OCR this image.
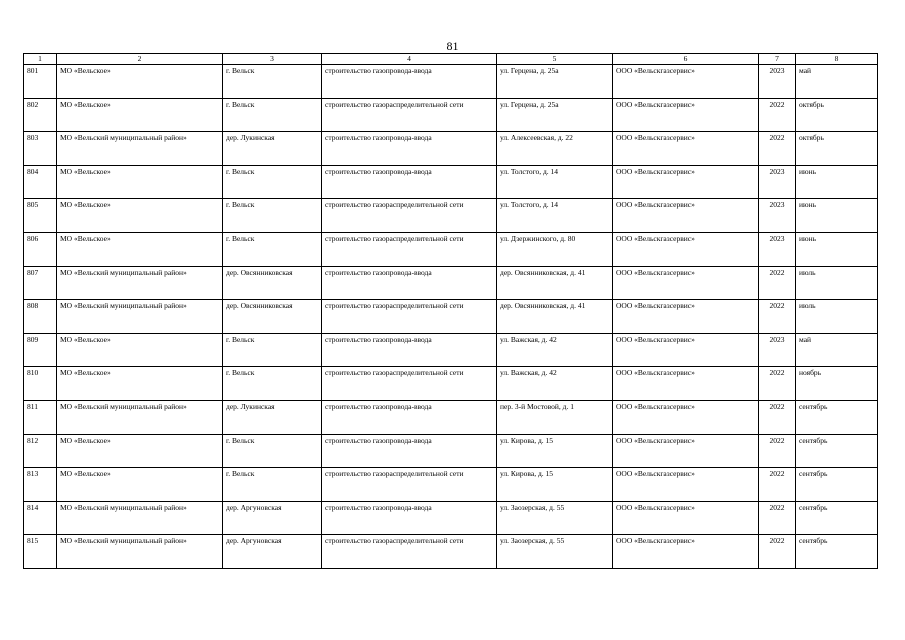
81
1	2	3	4	5	6	7	8
801	МО «Вельское»	г. Вельск	строительство газопровода-ввода	ул. Герцена, д. 25а	ООО «Вельскгазсервис»	2023	май
802	МО «Вельское»	г. Вельск	строительство газораспределительной сети	ул. Герцена, д. 25а	ООО «Вельскгазсервис»	2022	октябрь
803	МО «Вельский муниципальный район»	дер. Лукинская	строительство газопровода-ввода	ул. Алексеевская, д. 22	ООО «Вельскгазсервис»	2022	октябрь
804	МО «Вельское»	г. Вельск	строительство газопровода-ввода	ул. Толстого, д. 14	ООО «Вельскгазсервис»	2023	июнь
805	МО «Вельское»	г. Вельск	строительство газораспределительной сети	ул. Толстого, д. 14	ООО «Вельскгазсервис»	2023	июнь
806	МО «Вельское»	г. Вельск	строительство газораспределительной сети	ул. Дзержинского, д. 80	ООО «Вельскгазсервис»	2023	июнь
807	МО «Вельский муниципальный район»	дер. Овсянниковская	строительство газопровода-ввода	дер. Овсянниковская, д. 41	ООО «Вельскгазсервис»	2022	июль
808	МО «Вельский муниципальный район»	дер. Овсянниковская	строительство газораспределительной сети	дер. Овсянниковская, д. 41	ООО «Вельскгазсервис»	2022	июль
809	МО «Вельское»	г. Вельск	строительство газопровода-ввода	ул. Важская, д. 42	ООО «Вельскгазсервис»	2023	май
810	МО «Вельское»	г. Вельск	строительство газораспределительной сети	ул. Важская, д. 42	ООО «Вельскгазсервис»	2022	ноябрь
811	МО «Вельский муниципальный район»	дер. Лукинская	строительство газопровода-ввода	пер. 3-й Мостовой, д. 1	ООО «Вельскгазсервис»	2022	сентябрь
812	МО «Вельское»	г. Вельск	строительство газопровода-ввода	ул. Кирова, д. 15	ООО «Вельскгазсервис»	2022	сентябрь
813	МО «Вельское»	г. Вельск	строительство газораспределительной сети	ул. Кирова, д. 15	ООО «Вельскгазсервис»	2022	сентябрь
814	МО «Вельский муниципальный район»	дер. Аргуновская	строительство газопровода-ввода	ул. Заозерская, д. 55	ООО «Вельскгазсервис»	2022	сентябрь
815	МО «Вельский муниципальный район»	дер. Аргуновская	строительство газораспределительной сети	ул. Заозерская, д. 55	ООО «Вельскгазсервис»	2022	сентябрь
